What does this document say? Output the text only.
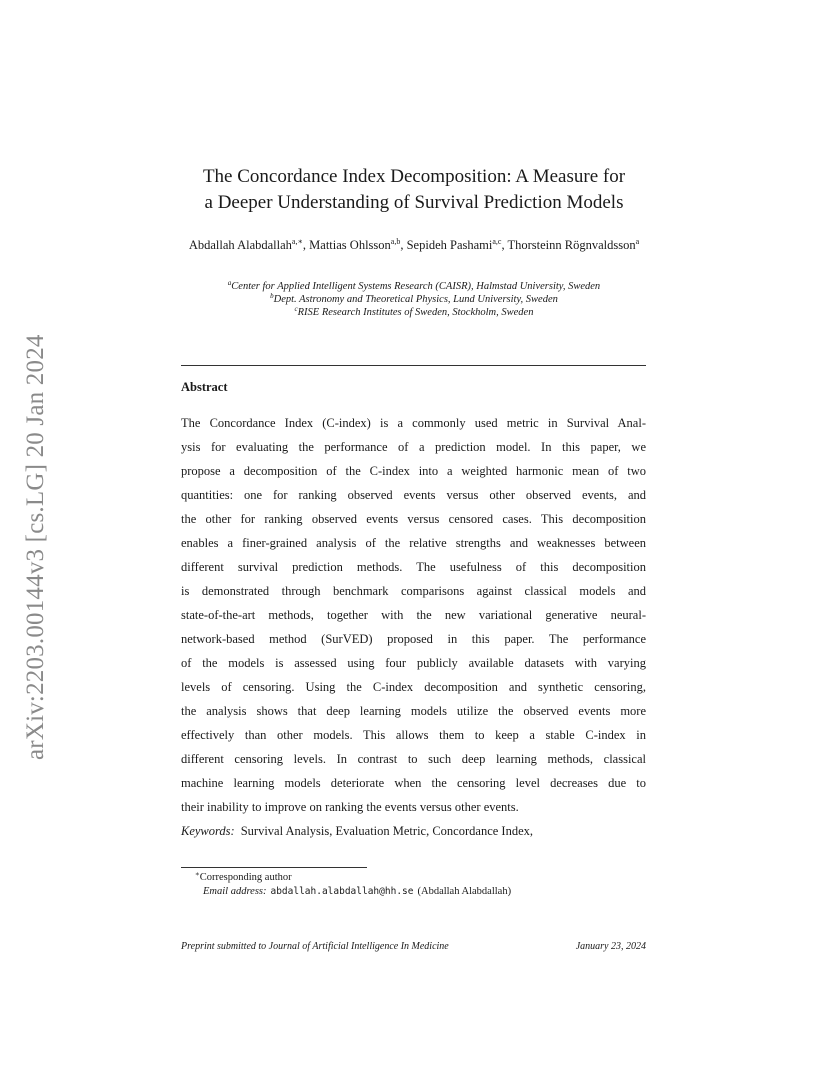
arXiv:2203.00144v3 [cs.LG] 20 Jan 2024
The Concordance Index Decomposition: A Measure for
a Deeper Understanding of Survival Prediction Models
Abdallah Alabdallah$^{a,∗}$, Mattias Ohlsson$^{a,b}$, Sepideh Pashami$^{a,c}$, Thorsteinn Rögnvaldsson$^a$
$^a$Center for Applied Intelligent Systems Research (CAISR), Halmstad University, Sweden
$^b$Dept. Astronomy and Theoretical Physics, Lund University, Sweden
$^c$RISE Research Institutes of Sweden, Stockholm, Sweden
Abstract
The Concordance Index (C-index) is a commonly used metric in Survival Anal-
ysis for evaluating the performance of a prediction model. In this paper, we
propose a decomposition of the C-index into a weighted harmonic mean of two
quantities: one for ranking observed events versus other observed events, and
the other for ranking observed events versus censored cases. This decomposition
enables a finer-grained analysis of the relative strengths and weaknesses between
different survival prediction methods. The usefulness of this decomposition
is demonstrated through benchmark comparisons against classical models and
state-of-the-art methods, together with the new variational generative neural-
network-based method (SurVED) proposed in this paper. The performance
of the models is assessed using four publicly available datasets with varying
levels of censoring. Using the C-index decomposition and synthetic censoring,
the analysis shows that deep learning models utilize the observed events more
effectively than other models. This allows them to keep a stable C-index in
different censoring levels. In contrast to such deep learning methods, classical
machine learning models deteriorate when the censoring level decreases due to
their inability to improve on ranking the events versus other events.
Keywords: Survival Analysis, Evaluation Metric, Concordance Index,
∗Corresponding author
Email address: abdallah.alabdallah@hh.se (Abdallah Alabdallah)
Preprint submitted to Journal of Artificial Intelligence In Medicine	January 23, 2024
